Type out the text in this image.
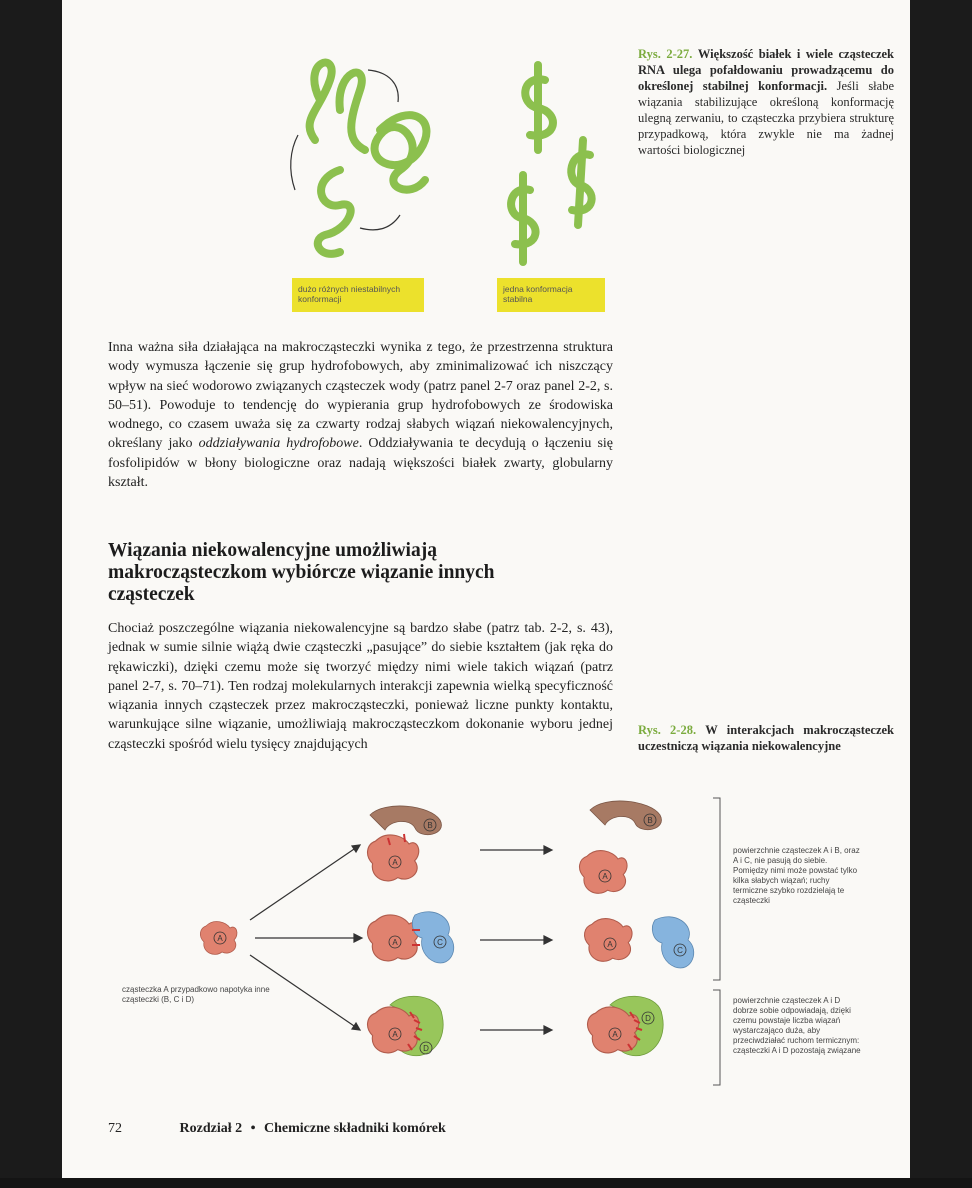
dużo różnych niestabilnych konformacji
jedna konformacja stabilna
Rys. 2-27. Większość białek i wiele cząsteczek RNA ulega pofałdowaniu prowadzącemu do określonej stabilnej konformacji. Jeśli słabe wiązania stabilizujące określoną konformację ulegną zerwaniu, to cząsteczka przybiera strukturę przypadkową, która zwykle nie ma żadnej wartości biologicznej
Inna ważna siła działająca na makrocząsteczki wynika z tego, że przestrzenna struktura wody wymusza łączenie się grup hydrofobowych, aby zminimalizować ich niszczący wpływ na sieć wodorowo związanych cząsteczek wody (patrz panel 2-7 oraz panel 2-2, s. 50–51). Powoduje to tendencję do wypierania grup hydrofobowych ze środowiska wodnego, co czasem uważa się za czwarty rodzaj słabych wiązań niekowalencyjnych, określany jako oddziaływania hydrofobowe. Oddziaływania te decydują o łączeniu się fosfolipidów w błony biologiczne oraz nadają większości białek zwarty, globularny kształt.
Wiązania niekowalencyjne umożliwiają makrocząsteczkom wybiórcze wiązanie innych cząsteczek
Chociaż poszczególne wiązania niekowalencyjne są bardzo słabe (patrz tab. 2-2, s. 43), jednak w sumie silnie wiążą dwie cząsteczki „pasujące” do siebie kształtem (jak ręka do rękawiczki), dzięki czemu może się tworzyć między nimi wiele takich wiązań (patrz panel 2-7, s. 70–71). Ten rodzaj molekularnych interakcji zapewnia wielką specyficzność wiązania innych cząsteczek przez makrocząsteczki, ponieważ liczne punkty kontaktu, warunkujące silne wiązanie, umożliwiają makrocząsteczkom dokonanie wyboru jednej cząsteczki spośród wielu tysięcy znajdujących
Rys. 2-28. W interakcjach makrocząsteczek uczestniczą wiązania niekowalencyjne
A
B
A
A	C
A
D
B
A
A
C
A
D
cząsteczka A przypadkowo napotyka inne cząsteczki (B, C i D)
powierzchnie cząsteczek A i B, oraz A i C, nie pasują do siebie. Pomiędzy nimi może powstać tylko kilka słabych wiązań; ruchy termiczne szybko rozdzielają te cząsteczki
powierzchnie cząsteczek A i D dobrze sobie odpowiadają, dzięki czemu powstaje liczba wiązań wystarczająco duża, aby przeciwdziałać ruchom termicznym: cząsteczki A i D pozostają związane
72	Rozdział 2 • Chemiczne składniki komórek
